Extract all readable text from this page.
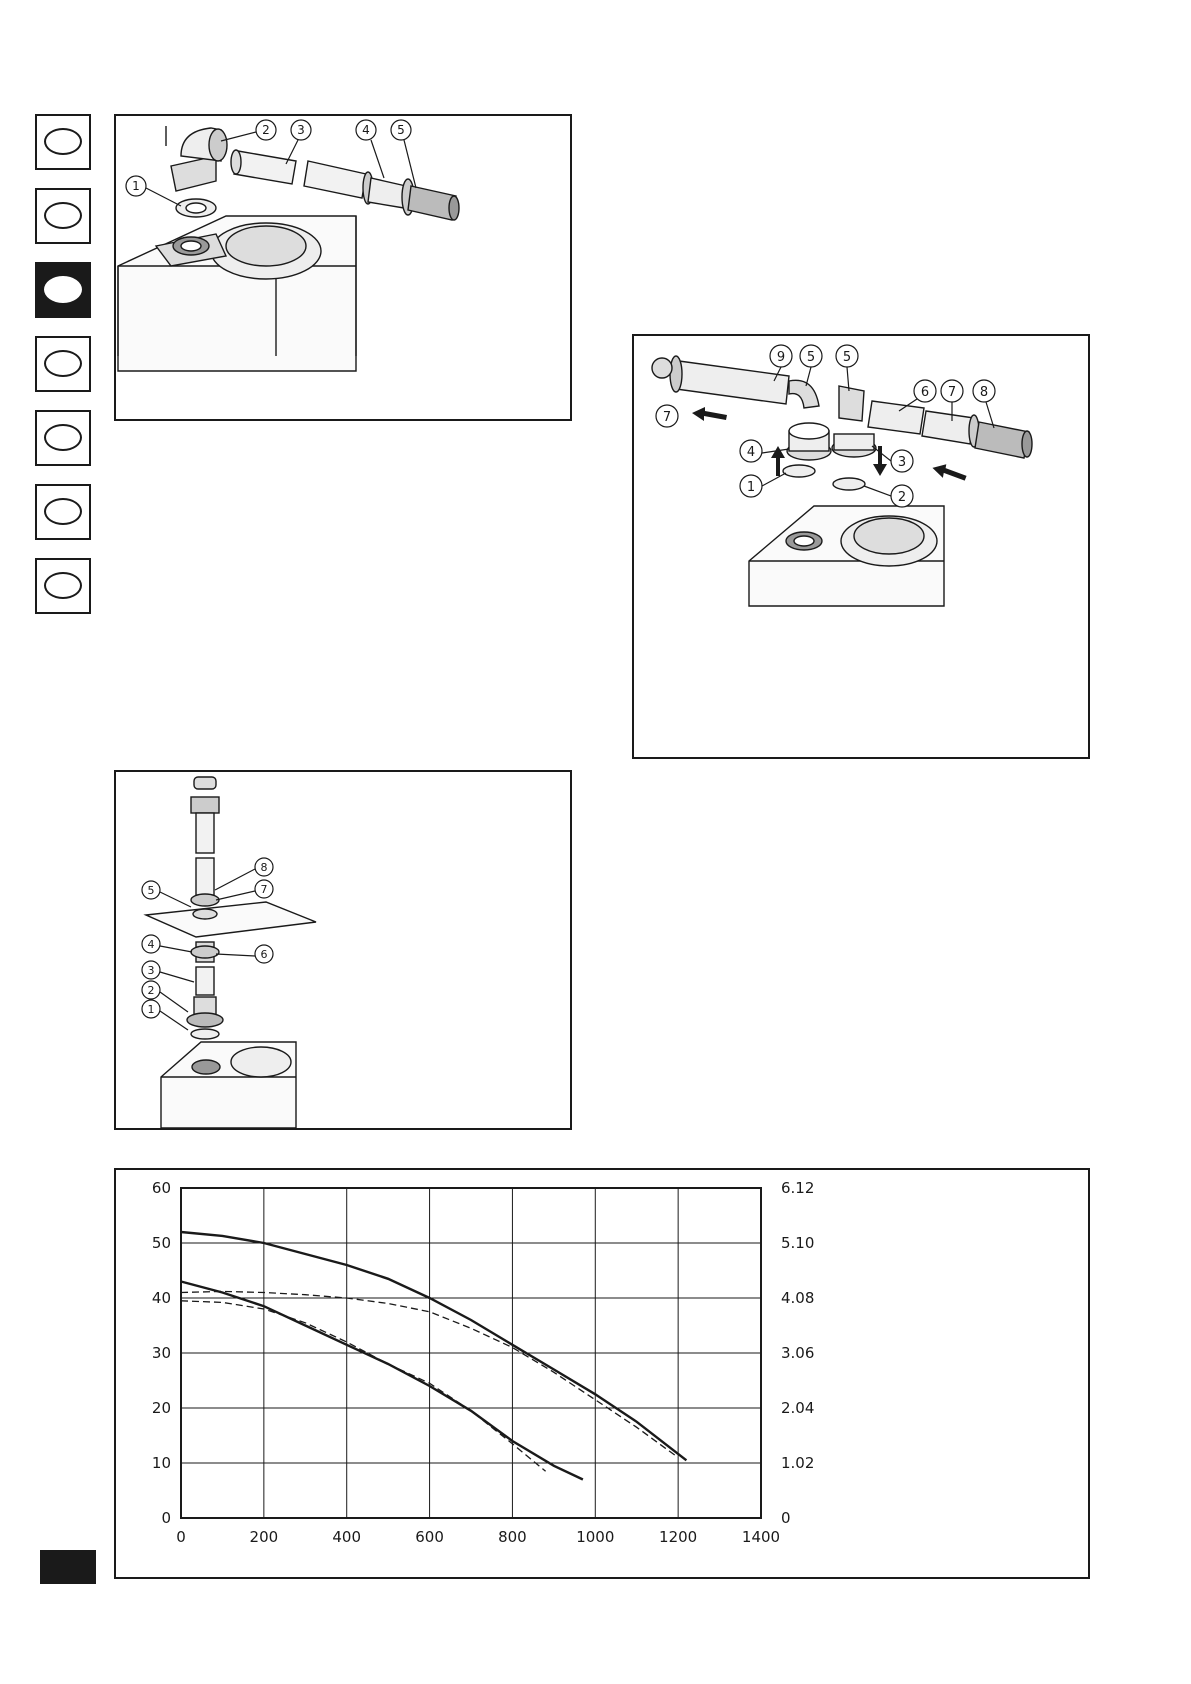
1
2 3	4 5
9 5 5
6 7 8
7
4
3
1
2
8
5	7
4
6
3
2
1
0	200	400	600	800	1000	1200	1400
0
10
20
30
40
50
60
0
1.02
2.04
3.06
4.08
5.10
6.12
